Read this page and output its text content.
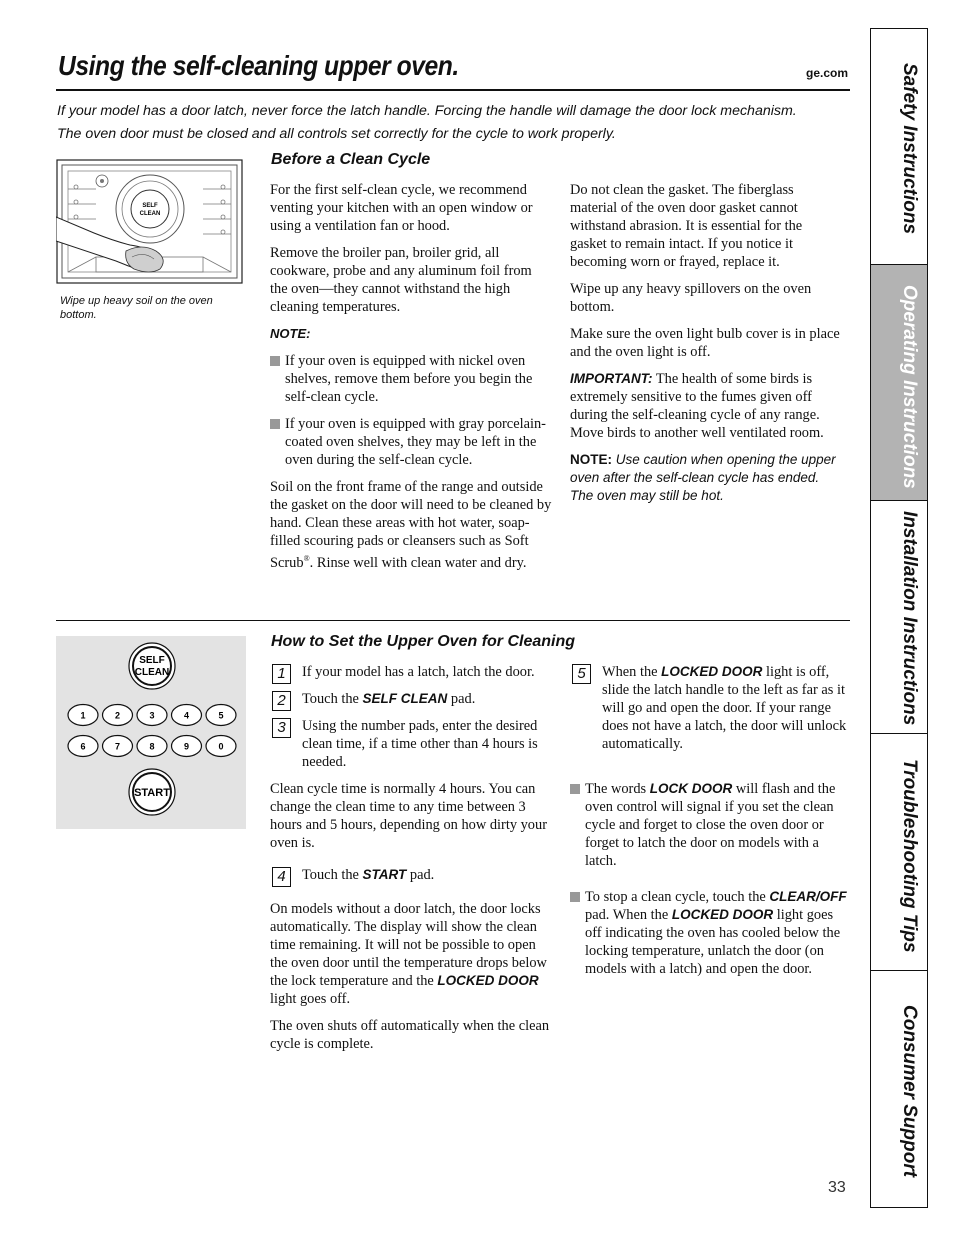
Using the self-cleaning upper oven.	ge.com

If your model has a door latch, never force the latch handle. Forcing the handle will damage the door lock mechanism.

The oven door must be closed and all controls set correctly for the cycle to work properly.

SELF
CLEAN
Wipe up heavy soil on the oven bottom.
Before a Clean Cycle

For the first self-clean cycle, we recommend venting your kitchen with an open window or using a ventilation fan or hood.

Remove the broiler pan, broiler grid, all cookware, probe and any aluminum foil from the oven—they cannot withstand the high cleaning temperatures.

NOTE:

If your oven is equipped with nickel oven shelves, remove them before you begin the self-clean cycle.
If your oven is equipped with gray porcelain-coated oven shelves, they may be left in the oven during the self-clean cycle.

Soil on the front frame of the range and outside the gasket on the door will need to be cleaned by hand. Clean these areas with hot water, soap-filled scouring pads or cleansers such as Soft Scrub®. Rinse well with clean water and dry.

Do not clean the gasket. The fiberglass material of the oven door gasket cannot withstand abrasion. It is essential for the gasket to remain intact. If you notice it becoming worn or frayed, replace it.

Wipe up any heavy spillovers on the oven bottom.

Make sure the oven light bulb cover is in place and the oven light is off.

IMPORTANT: The health of some birds is extremely sensitive to the fumes given off during the self-cleaning cycle of any range. Move birds to another well ventilated room.

NOTE: Use caution when opening the upper oven after the self-clean cycle has ended. The oven may still be hot.

SELF
CLEAN
1	2	3	4	5
6	7	8	9	0
START
How to Set the Upper Oven for Cleaning
1	If your model has a latch, latch the door.
2	Touch the SELF CLEAN pad.
3	Using the number pads, enter the desired clean time, if a time other than 4 hours is needed.

Clean cycle time is normally 4 hours. You can change the clean time to any time between 3 hours and 5 hours, depending on how dirty your oven is.

4	Touch the START pad.

On models without a door latch, the door locks automatically. The display will show the clean time remaining. It will not be possible to open the oven door until the temperature drops below the lock temperature and the LOCKED DOOR light goes off.

The oven shuts off automatically when the clean cycle is complete.

5	When the LOCKED DOOR light is off, slide the latch handle to the left as far as it will go and open the door. If your range does not have a latch, the door will unlock automatically.
The words LOCK DOOR will flash and the oven control will signal if you set the clean cycle and forget to close the oven door or forget to latch the door on models with a latch.
To stop a clean cycle, touch the CLEAR/OFF pad. When the LOCKED DOOR light goes off indicating the oven has cooled below the locking temperature, unlatch the door (on models with a latch) and open the door.
Safety Instructions
Operating Instructions
Installation Instructions
Troubleshooting Tips
Consumer Support
33
